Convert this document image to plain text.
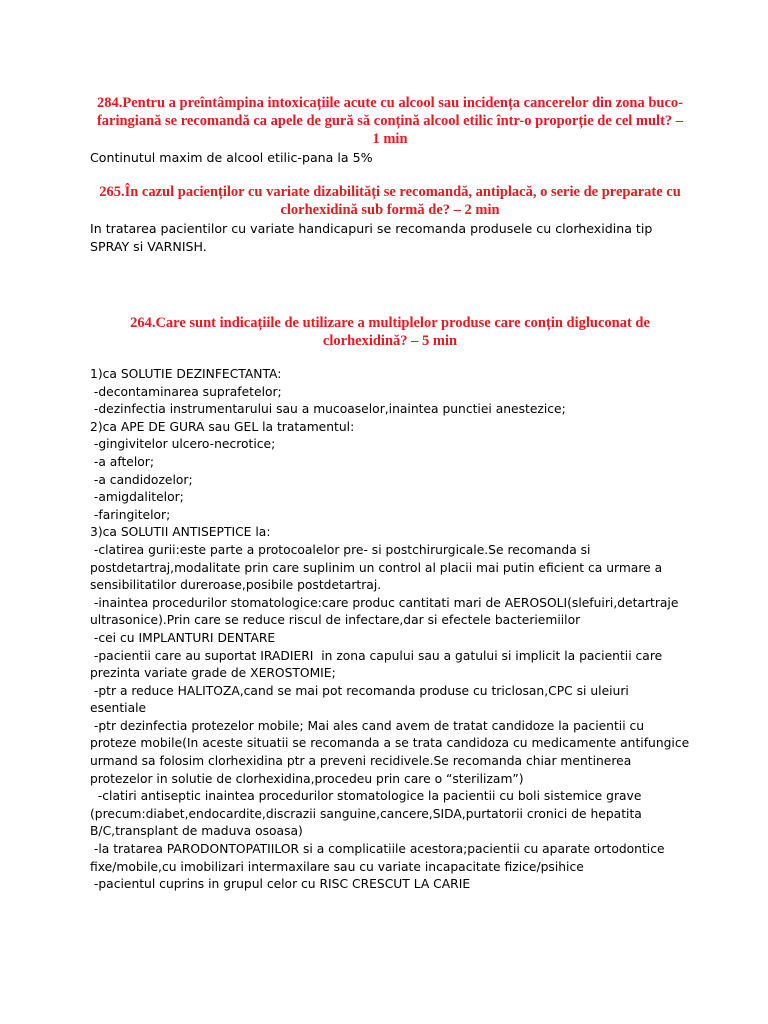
284.Pentru a preîntâmpina intoxicațiile acute cu alcool sau incidența cancerelor din zona buco-faringiană se recomandă ca apele de gură să conțină alcool etilic într-o proporție de cel mult? – 1 min

Continutul maxim de alcool etilic-pana la 5%

265.În cazul pacienților cu variate dizabilități se recomandă, antiplacă, o serie de preparate cu clorhexidină sub formă de? – 2 min

In tratarea pacientilor cu variate handicapuri se recomanda produsele cu clorhexidina tip SPRAY si VARNISH.

264.Care sunt indicațiile de utilizare a multiplelor produse care conțin digluconat de clorhexidină? – 5 min

1)ca SOLUTIE DEZINFECTANTA:

-decontaminarea suprafetelor;

-dezinfectia instrumentarului sau a mucoaselor,inaintea punctiei anestezice;

2)ca APE DE GURA sau GEL la tratamentul:

-gingivitelor ulcero-necrotice;

-a aftelor;

-a candidozelor;

-amigdalitelor;

-faringitelor;

3)ca SOLUTII ANTISEPTICE la:

-clatirea gurii:este parte a protocoalelor pre- si postchirurgicale.Se recomanda si

postdetartraj,modalitate prin care suplinim un control al placii mai putin eficient ca urmare a

sensibilitatilor dureroase,posibile postdetartraj.

-inaintea procedurilor stomatologice:care produc cantitati mari de AEROSOLI(slefuiri,detartraje

ultrasonice).Prin care se reduce riscul de infectare,dar si efectele bacteriemiilor

-cei cu IMPLANTURI DENTARE

-pacientii care au suportat IRADIERI  in zona capului sau a gatului si implicit la pacientii care

prezinta variate grade de XEROSTOMIE;

-ptr a reduce HALITOZA,cand se mai pot recomanda produse cu triclosan,CPC si uleiuri

esentiale

-ptr dezinfectia protezelor mobile; Mai ales cand avem de tratat candidoze la pacientii cu

proteze mobile(In aceste situatii se recomanda a se trata candidoza cu medicamente antifungice

urmand sa folosim clorhexidina ptr a preveni recidivele.Se recomanda chiar mentinerea

protezelor in solutie de clorhexidina,procedeu prin care o “sterilizam”)

-clatiri antiseptic inaintea procedurilor stomatologice la pacientii cu boli sistemice grave

(precum:diabet,endocardite,discrazii sanguine,cancere,SIDA,purtatorii cronici de hepatita

B/C,transplant de maduva osoasa)

-la tratarea PARODONTOPATIILOR si a complicatiile acestora;pacientii cu aparate ortodontice

fixe/mobile,cu imobilizari intermaxilare sau cu variate incapacitate fizice/psihice

-pacientul cuprins in grupul celor cu RISC CRESCUT LA CARIE
